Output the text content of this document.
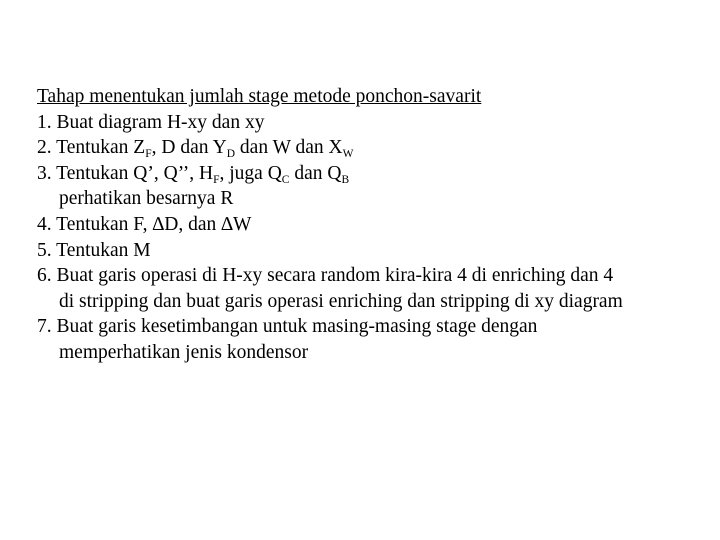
Tahap menentukan jumlah stage metode ponchon-savarit
1. Buat diagram H-xy dan xy
2. Tentukan $Z_F$, D dan $Y_D$ dan W dan $X_W$
3. Tentukan Q’, Q’’, $H_F$, juga $Q_C$ dan $Q_B$
perhatikan besarnya R
4. Tentukan F, ∆D, dan ∆W
5. Tentukan M
6. Buat garis operasi di H-xy secara random kira-kira 4 di enriching dan 4
di stripping dan buat garis operasi enriching dan stripping di xy diagram
7. Buat garis kesetimbangan untuk masing-masing stage dengan
memperhatikan jenis kondensor
